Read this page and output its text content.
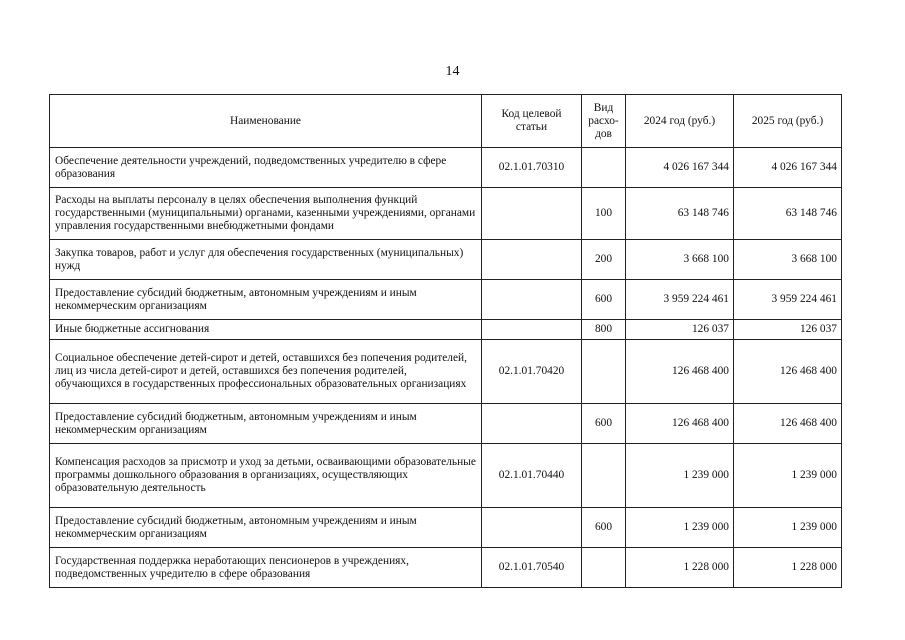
14
Наименование	Код целевой статьи	Вид расхо-дов	2024 год (руб.)	2025 год (руб.)
Обеспечение деятельности учреждений, подведомственных учредителю в сфере образования	02.1.01.70310		4 026 167 344	4 026 167 344
Расходы на выплаты персоналу в целях обеспечения выполнения функций государственными (муниципальными) органами, казенными учреждениями, органами управления государственными внебюджетными фондами		100	63 148 746	63 148 746
Закупка товаров, работ и услуг для обеспечения государственных (муниципальных) нужд		200	3 668 100	3 668 100
Предоставление субсидий бюджетным, автономным учреждениям и иным некоммерческим организациям		600	3 959 224 461	3 959 224 461
Иные бюджетные ассигнования		800	126 037	126 037
Социальное обеспечение детей-сирот и детей, оставшихся без попечения родителей, лиц из числа детей-сирот и детей, оставшихся без попечения родителей, обучающихся в государственных профессиональных образовательных организациях	02.1.01.70420		126 468 400	126 468 400
Предоставление субсидий бюджетным, автономным учреждениям и иным некоммерческим организациям		600	126 468 400	126 468 400
Компенсация расходов за присмотр и уход за детьми, осваивающими образовательные программы дошкольного образования в организациях, осуществляющих образовательную деятельность	02.1.01.70440		1 239 000	1 239 000
Предоставление субсидий бюджетным, автономным учреждениям и иным некоммерческим организациям		600	1 239 000	1 239 000
Государственная поддержка неработающих пенсионеров в учреждениях, подведомственных учредителю в сфере образования	02.1.01.70540		1 228 000	1 228 000
